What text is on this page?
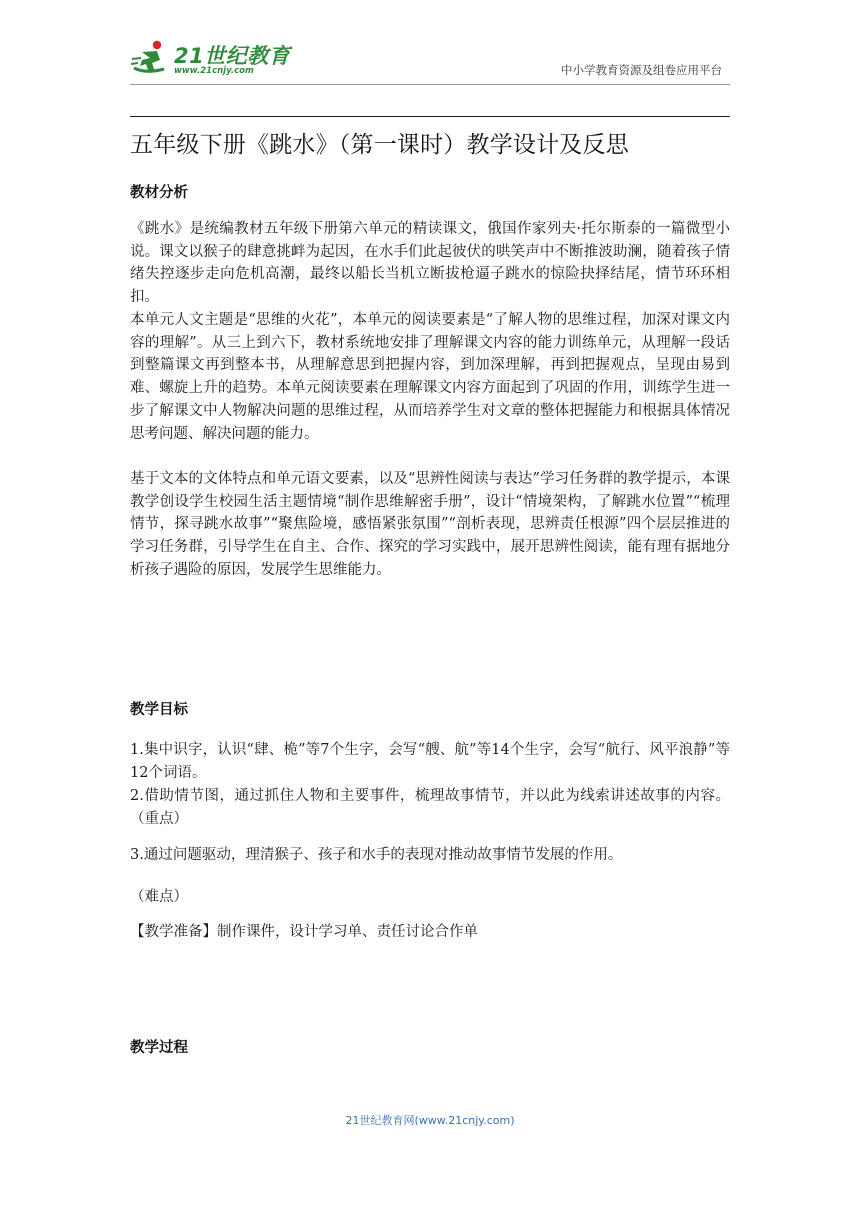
21世纪教育
www.21cnjy.com	中小学教育资源及组卷应用平台
五年级下册《跳水》（第一课时）教学设计及反思
教材分析

《跳水》是统编教材五年级下册第六单元的精读课文，俄国作家列夫·托尔斯泰的一篇微型小说。课文以猴子的肆意挑衅为起因，在水手们此起彼伏的哄笑声中不断推波助澜，随着孩子情绪失控逐步走向危机高潮，最终以船长当机立断拔枪逼子跳水的惊险抉择结尾，情节环环相扣。

本单元人文主题是“思维的火花”，本单元的阅读要素是“了解人物的思维过程，加深对课文内容的理解”。从三上到六下，教材系统地安排了理解课文内容的能力训练单元，从理解一段话到整篇课文再到整本书，从理解意思到把握内容，到加深理解，再到把握观点，呈现由易到难、螺旋上升的趋势。本单元阅读要素在理解课文内容方面起到了巩固的作用，训练学生进一步了解课文中人物解决问题的思维过程，从而培养学生对文章的整体把握能力和根据具体情况思考问题、解决问题的能力。

基于文本的文体特点和单元语文要素，以及“思辨性阅读与表达”学习任务群的教学提示，本课教学创设学生校园生活主题情境“制作思维解密手册”，设计“情境架构，了解跳水位置”“梳理情节，探寻跳水故事”“聚焦险境，感悟紧张氛围”“剖析表现，思辨责任根源”四个层层推进的学习任务群，引导学生在自主、合作、探究的学习实践中，展开思辨性阅读，能有理有据地分析孩子遇险的原因，发展学生思维能力。

教学目标

1.集中识字，认识“肆、桅”等7个生字，会写“艘、航”等14个生字，会写“航行、风平浪静”等12个词语。

2.借助情节图，通过抓住人物和主要事件，梳理故事情节，并以此为线索讲述故事的内容。（重点）

3.通过问题驱动，理清猴子、孩子和水手的表现对推动故事情节发展的作用。

（难点）

【教学准备】制作课件，设计学习单、责任讨论合作单

教学过程
21世纪教育网(www.21cnjy.com)
